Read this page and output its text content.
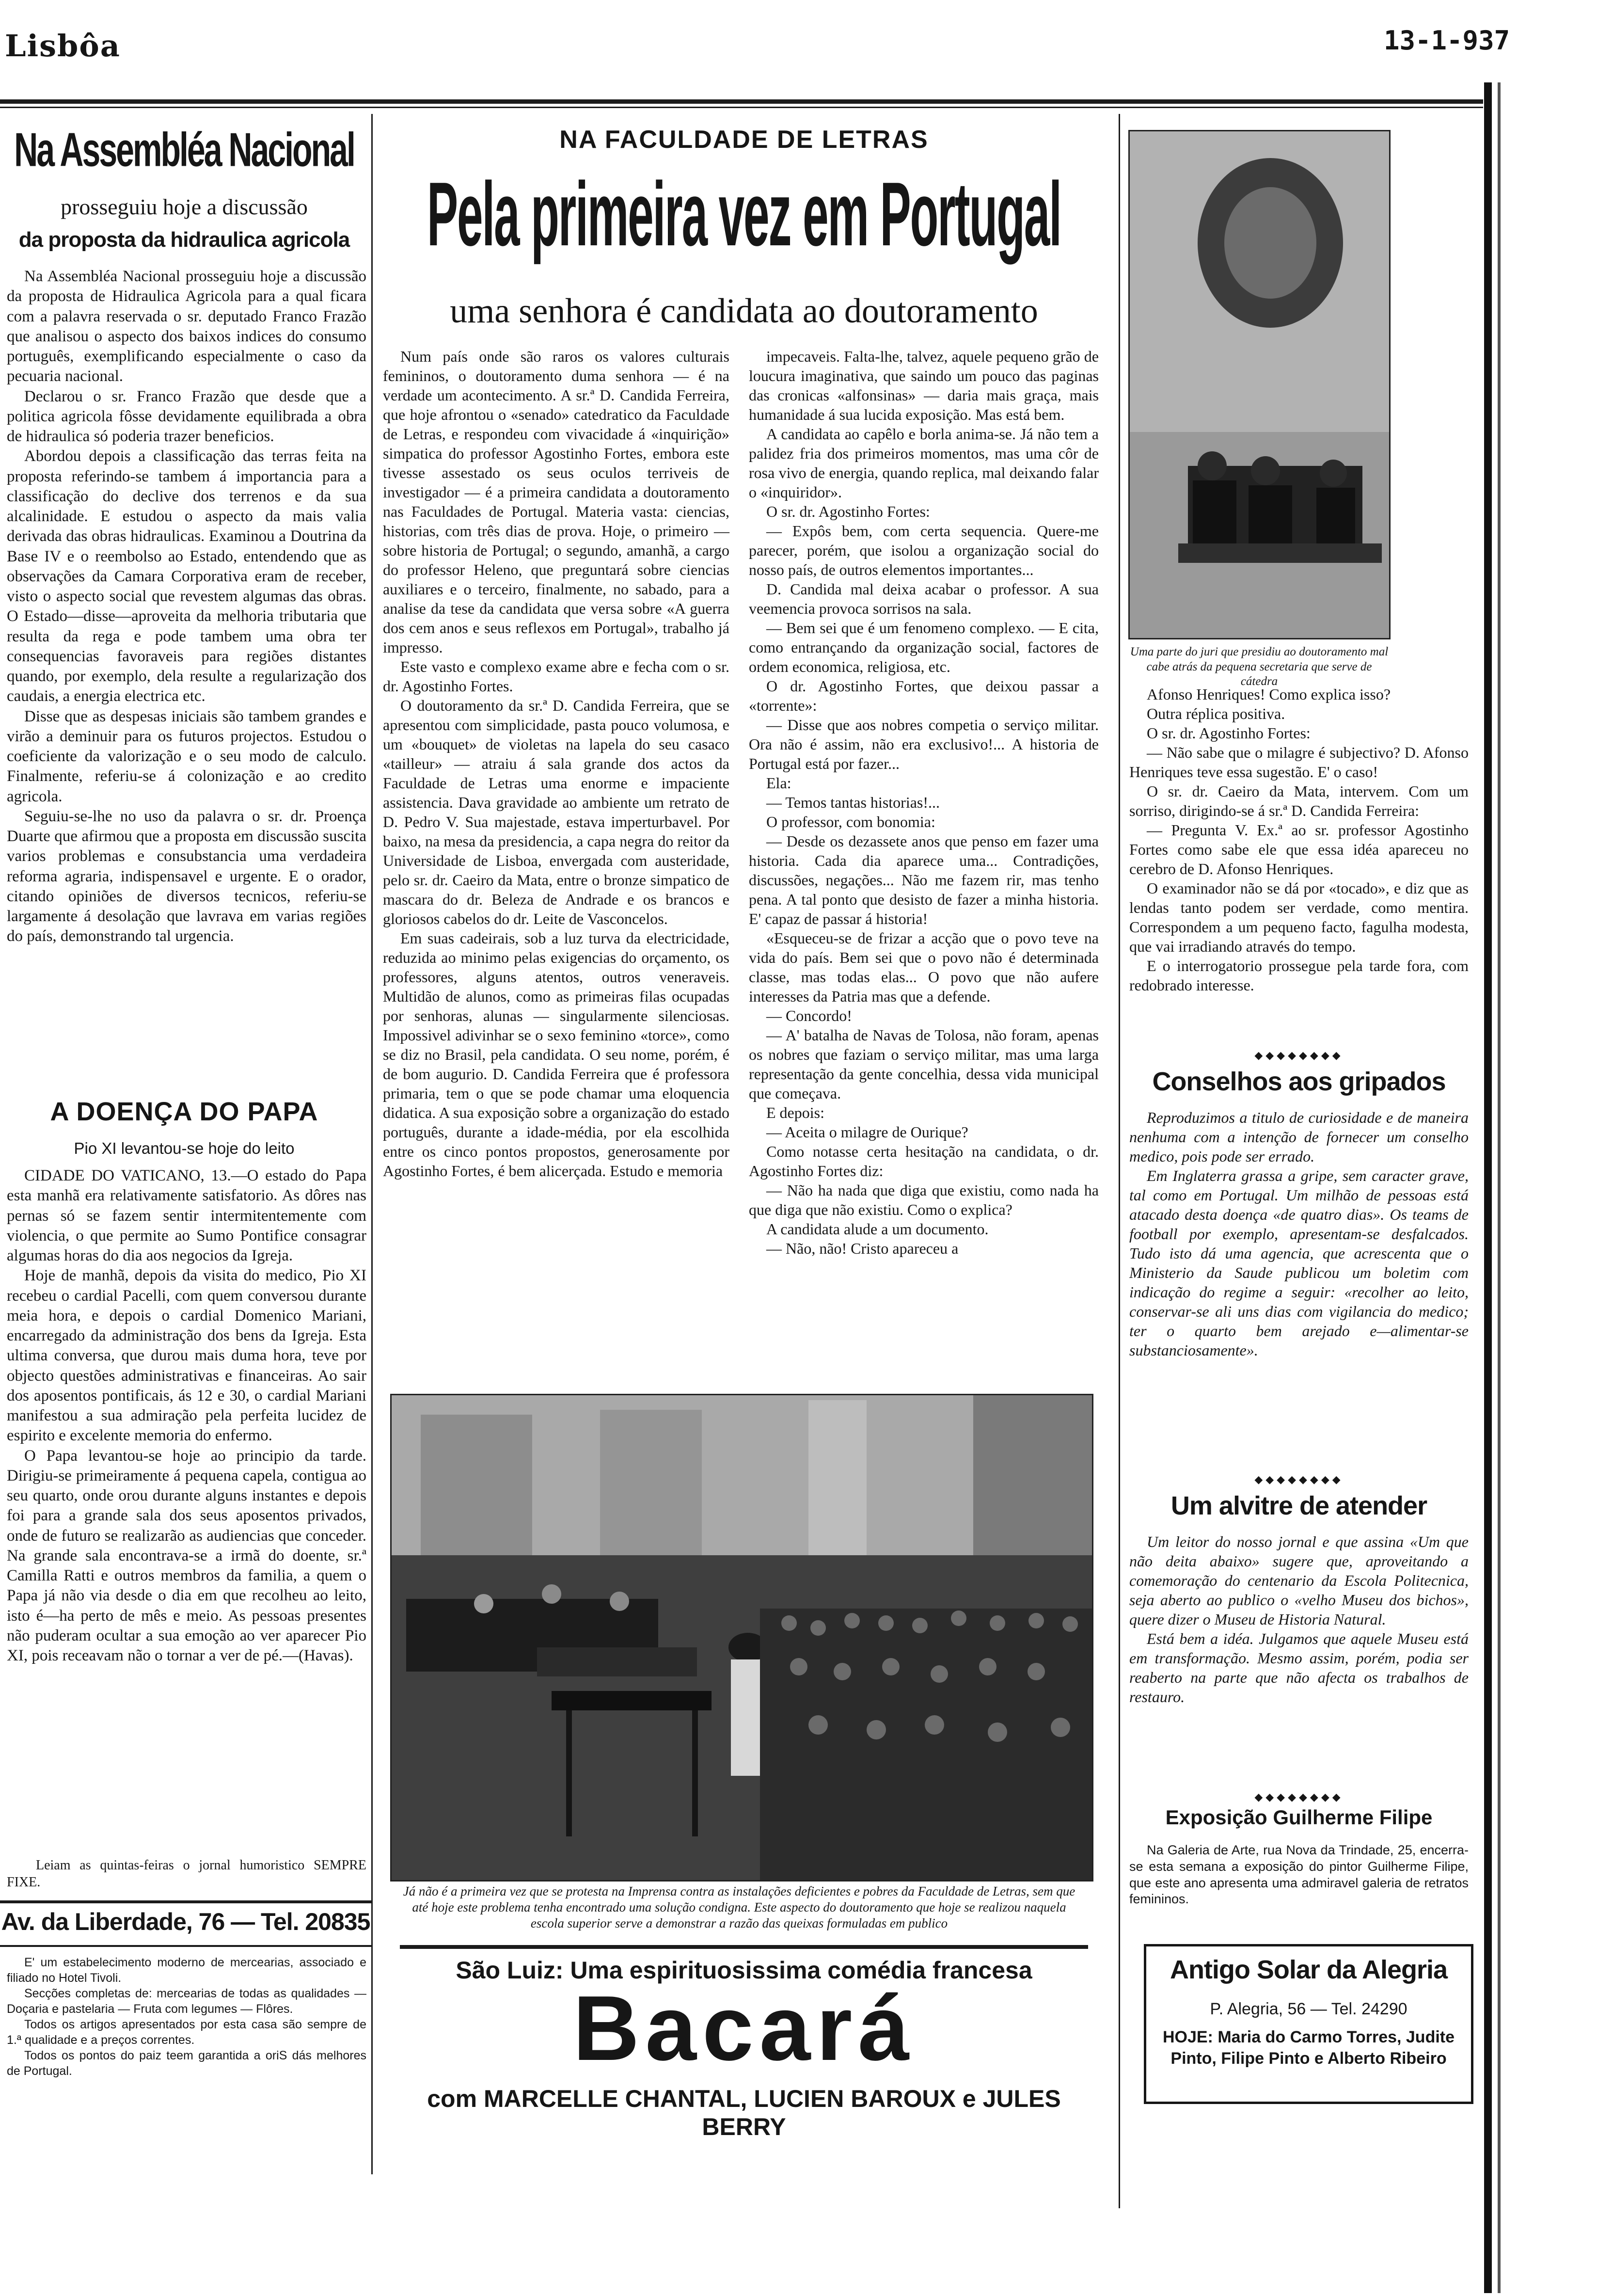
Lisbôa	13-1-937
Na Assembléa Nacional
prosseguiu hoje a discussão
da proposta da hidraulica agricola

Na Assembléa Nacional prosseguiu hoje a discussão da proposta de Hidraulica Agricola para a qual ficara com a palavra reservada o sr. deputado Franco Frazão que analisou o aspecto dos baixos indices do consumo português, exemplificando especialmente o caso da pecuaria nacional.

Declarou o sr. Franco Frazão que desde que a politica agricola fôsse devidamente equilibrada a obra de hidraulica só poderia trazer beneficios.

Abordou depois a classificação das terras feita na proposta referindo-se tambem á importancia para a classificação do declive dos terrenos e da sua alcalinidade. E estudou o aspecto da mais valia derivada das obras hidraulicas. Examinou a Doutrina da Base IV e o reembolso ao Estado, entendendo que as observações da Camara Corporativa eram de receber, visto o aspecto social que revestem algumas das obras. O Estado—disse—aproveita da melhoria tributaria que resulta da rega e pode tambem uma obra ter consequencias favoraveis para regiões distantes quando, por exemplo, dela resulte a regularização dos caudais, a energia electrica etc.

Disse que as despesas iniciais são tambem grandes e virão a deminuir para os futuros projectos. Estudou o coeficiente da valorização e o seu modo de calculo. Finalmente, referiu-se á colonização e ao credito agricola.

Seguiu-se-lhe no uso da palavra o sr. dr. Proença Duarte que afirmou que a proposta em discussão suscita varios problemas e consubstancia uma verdadeira reforma agraria, indispensavel e urgente. E o orador, citando opiniões de diversos tecnicos, referiu-se largamente á desolação que lavrava em varias regiões do país, demonstrando tal urgencia.

A DOENÇA DO PAPA
Pio XI levantou-se hoje do leito

CIDADE DO VATICANO, 13.—O estado do Papa esta manhã era relativamente satisfatorio. As dôres nas pernas só se fazem sentir intermitentemente com violencia, o que permite ao Sumo Pontifice consagrar algumas horas do dia aos negocios da Igreja.

Hoje de manhã, depois da visita do medico, Pio XI recebeu o cardial Pacelli, com quem conversou durante meia hora, e depois o cardial Domenico Mariani, encarregado da administração dos bens da Igreja. Esta ultima conversa, que durou mais duma hora, teve por objecto questões administrativas e financeiras. Ao sair dos aposentos pontificais, ás 12 e 30, o cardial Mariani manifestou a sua admiração pela perfeita lucidez de espirito e excelente memoria do enfermo.

O Papa levantou-se hoje ao principio da tarde. Dirigiu-se primeiramente á pequena capela, contigua ao seu quarto, onde orou durante alguns instantes e depois foi para a grande sala dos seus aposentos privados, onde de futuro se realizarão as audiencias que conceder. Na grande sala encontrava-se a irmã do doente, sr.ª Camilla Ratti e outros membros da familia, a quem o Papa já não via desde o dia em que recolheu ao leito, isto é—ha perto de mês e meio. As pessoas presentes não puderam ocultar a sua emoção ao ver aparecer Pio XI, pois receavam não o tornar a ver de pé.—(Havas).

Leiam as quintas-feiras o jornal humoristico SEMPRE FIXE.
Av. da Liberdade, 76 — Tel. 20835

E' um estabelecimento moderno de mercearias, associado e filiado no Hotel Tivoli.

Secções completas de: mercearias de todas as qualidades — Doçaria e pastelaria — Fruta com legumes — Flôres.

Todos os artigos apresentados por esta casa são sempre de 1.ª qualidade e a preços correntes.

Todos os pontos do paiz teem garantida a oriS dás melhores de Portugal.

NA FACULDADE DE LETRAS
Pela primeira vez em Portugal
uma senhora é candidata ao doutoramento

Num país onde são raros os valores culturais femininos, o doutoramento duma senhora — é na verdade um acontecimento. A sr.ª D. Candida Ferreira, que hoje afrontou o «senado» catedratico da Faculdade de Letras, e respondeu com vivacidade á «inquirição» simpatica do professor Agostinho Fortes, embora este tivesse assestado os seus oculos terriveis de investigador — é a primeira candidata a doutoramento nas Faculdades de Portugal. Materia vasta: ciencias, historias, com três dias de prova. Hoje, o primeiro — sobre historia de Portugal; o segundo, amanhã, a cargo do professor Heleno, que preguntará sobre ciencias auxiliares e o terceiro, finalmente, no sabado, para a analise da tese da candidata que versa sobre «A guerra dos cem anos e seus reflexos em Portugal», trabalho já impresso.

Este vasto e complexo exame abre e fecha com o sr. dr. Agostinho Fortes.

O doutoramento da sr.ª D. Candida Ferreira, que se apresentou com simplicidade, pasta pouco volumosa, e um «bouquet» de violetas na lapela do seu casaco «tailleur» — atraiu á sala grande dos actos da Faculdade de Letras uma enorme e impaciente assistencia. Dava gravidade ao ambiente um retrato de D. Pedro V. Sua majestade, estava imperturbavel. Por baixo, na mesa da presidencia, a capa negra do reitor da Universidade de Lisboa, envergada com austeridade, pelo sr. dr. Caeiro da Mata, entre o bronze simpatico de mascara do dr. Beleza de Andrade e os brancos e gloriosos cabelos do dr. Leite de Vasconcelos.

Em suas cadeirais, sob a luz turva da electricidade, reduzida ao minimo pelas exigencias do orçamento, os professores, alguns atentos, outros veneraveis. Multidão de alunos, como as primeiras filas ocupadas por senhoras, alunas — singularmente silenciosas. Impossivel adivinhar se o sexo feminino «torce», como se diz no Brasil, pela candidata. O seu nome, porém, é de bom augurio. D. Candida Ferreira que é professora primaria, tem o que se pode chamar uma eloquencia didatica. A sua exposição sobre a organização do estado português, durante a idade-média, por ela escolhida entre os cinco pontos propostos, generosamente por Agostinho Fortes, é bem alicerçada. Estudo e memoria

impecaveis. Falta-lhe, talvez, aquele pequeno grão de loucura imaginativa, que saindo um pouco das paginas das cronicas «alfonsinas» — daria mais graça, mais humanidade á sua lucida exposição. Mas está bem.

A candidata ao capêlo e borla anima-se. Já não tem a palidez fria dos primeiros momentos, mas uma côr de rosa vivo de energia, quando replica, mal deixando falar o «inquiridor».

O sr. dr. Agostinho Fortes:

— Expôs bem, com certa sequencia. Quere-me parecer, porém, que isolou a organização social do nosso país, de outros elementos importantes...

D. Candida mal deixa acabar o professor. A sua veemencia provoca sorrisos na sala.

— Bem sei que é um fenomeno complexo. — E cita, como entrançando da organização social, factores de ordem economica, religiosa, etc.

O dr. Agostinho Fortes, que deixou passar a «torrente»:

— Disse que aos nobres competia o serviço militar. Ora não é assim, não era exclusivo!... A historia de Portugal está por fazer...

Ela:

— Temos tantas historias!...

O professor, com bonomia:

— Desde os dezassete anos que penso em fazer uma historia. Cada dia aparece uma... Contradições, discussões, negações... Não me fazem rir, mas tenho pena. A tal ponto que desisto de fazer a minha historia. E' capaz de passar á historia!

«Esqueceu-se de frizar a acção que o povo teve na vida do país. Bem sei que o povo não é determinada classe, mas todas elas... O povo que não aufere interesses da Patria mas que a defende.

— Concordo!

— A' batalha de Navas de Tolosa, não foram, apenas os nobres que faziam o serviço militar, mas uma larga representação da gente concelhia, dessa vida municipal que começava.

E depois:

— Aceita o milagre de Ourique?

Como notasse certa hesitação na candidata, o dr. Agostinho Fortes diz:

— Não ha nada que diga que existiu, como nada ha que diga que não existiu. Como o explica?

A candidata alude a um documento.

— Não, não! Cristo apareceu a

Já não é a primeira vez que se protesta na Imprensa contra as instalações deficientes e pobres da Faculdade de Letras, sem que até hoje este problema tenha encontrado uma solução condigna. Este aspecto do doutoramento que hoje se realizou naquela escola superior serve a demonstrar a razão das queixas formuladas em publico
São Luiz: Uma espirituosissima comédia francesa
Bacará
com MARCELLE CHANTAL, LUCIEN BAROUX e JULES BERRY
Uma parte do juri que presidiu ao doutoramento mal cabe atrás da pequena secretaria que serve de cátedra

Afonso Henriques! Como explica isso?

Outra réplica positiva.

O sr. dr. Agostinho Fortes:

— Não sabe que o milagre é subjectivo? D. Afonso Henriques teve essa sugestão. E' o caso!

O sr. dr. Caeiro da Mata, intervem. Com um sorriso, dirigindo-se á sr.ª D. Candida Ferreira:

— Pregunta V. Ex.ª ao sr. professor Agostinho Fortes como sabe ele que essa idéa apareceu no cerebro de D. Afonso Henriques.

O examinador não se dá por «tocado», e diz que as lendas tanto podem ser verdade, como mentira. Correspondem a um pequeno facto, fagulha modesta, que vai irradiando através do tempo.

E o interrogatorio prossegue pela tarde fora, com redobrado interesse.

◆◆◆◆◆◆◆◆
Conselhos aos gripados

Reproduzimos a titulo de curiosidade e de maneira nenhuma com a intenção de fornecer um conselho medico, pois pode ser errado.

Em Inglaterra grassa a gripe, sem caracter grave, tal como em Portugal. Um milhão de pessoas está atacado desta doença «de quatro dias». Os teams de football por exemplo, apresentam-se desfalcados. Tudo isto dá uma agencia, que acrescenta que o Ministerio da Saude publicou um boletim com indicação do regime a seguir: «recolher ao leito, conservar-se ali uns dias com vigilancia do medico; ter o quarto bem arejado e—alimentar-se substanciosamente».

◆◆◆◆◆◆◆◆
Um alvitre de atender

Um leitor do nosso jornal e que assina «Um que não deita abaixo» sugere que, aproveitando a comemoração do centenario da Escola Politecnica, seja aberto ao publico o «velho Museu dos bichos», quere dizer o Museu de Historia Natural.

Está bem a idéa. Julgamos que aquele Museu está em transformação. Mesmo assim, porém, podia ser reaberto na parte que não afecta os trabalhos de restauro.

◆◆◆◆◆◆◆◆
Exposição Guilherme Filipe

Na Galeria de Arte, rua Nova da Trindade, 25, encerra-se esta semana a exposição do pintor Guilherme Filipe, que este ano apresenta uma admiravel galeria de retratos femininos.

Antigo Solar da Alegria
P. Alegria, 56 — Tel. 24290
HOJE: Maria do Carmo Torres, Judite Pinto, Filipe Pinto e Alberto Ribeiro
